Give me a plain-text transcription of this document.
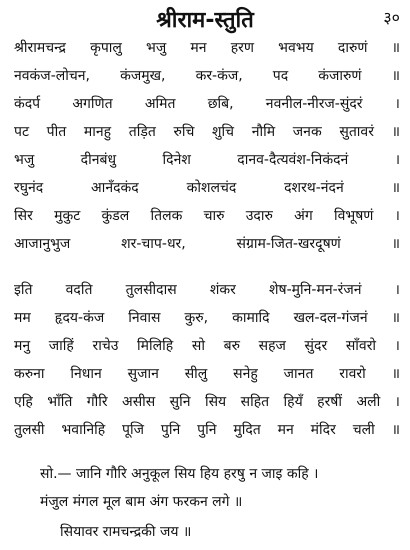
श्रीराम-स्तुति	३०
श्रीरामचन्द्र कृपालु भजु मन हरण भवभय दारुणं ॥
नवकंज-लोचन, कंजमुख, कर-कंज, पद कंजारुणं ॥
कंदर्प अगणित अमित छबि, नवनील-नीरज-सुंदरं ।
पट पीत मानहु तड़ित रुचि शुचि नौमि जनक सुतावरं ॥
भजु दीनबंधु दिनेश दानव-दैत्यवंश-निकंदनं ।
रघुनंद आनँदकंद कोशलचंद दशरथ-नंदनं ॥
सिर मुकुट कुंडल तिलक चारु उदारु अंग विभूषणं ।
आजानुभुज शर-चाप-धर, संग्राम-जित-खरदूषणं ॥
इति वदति तुलसीदास शंकर शेष-मुनि-मन-रंजनं ।
मम हृदय-कंज निवास कुरु, कामादि खल-दल-गंजनं ॥
मनु जाहिं राचेउ मिलिहि सो बरु सहज सुंदर साँवरो ।
करुना निधान सुजान सीलु सनेहु जानत रावरो ॥
एहि भाँति गौरि असीस सुनि सिय सहित हियँ हरषीं अली ।
तुलसी भवानिहि पूजि पुनि पुनि मुदित मन मंदिर चली ॥
सो.— जानि गौरि अनुकूल सिय हिय हरषु न जाइ कहि ।
मंजुल मंगल मूल बाम अंग फरकन लगे ॥
सियावर रामचन्द्रकी जय ॥
